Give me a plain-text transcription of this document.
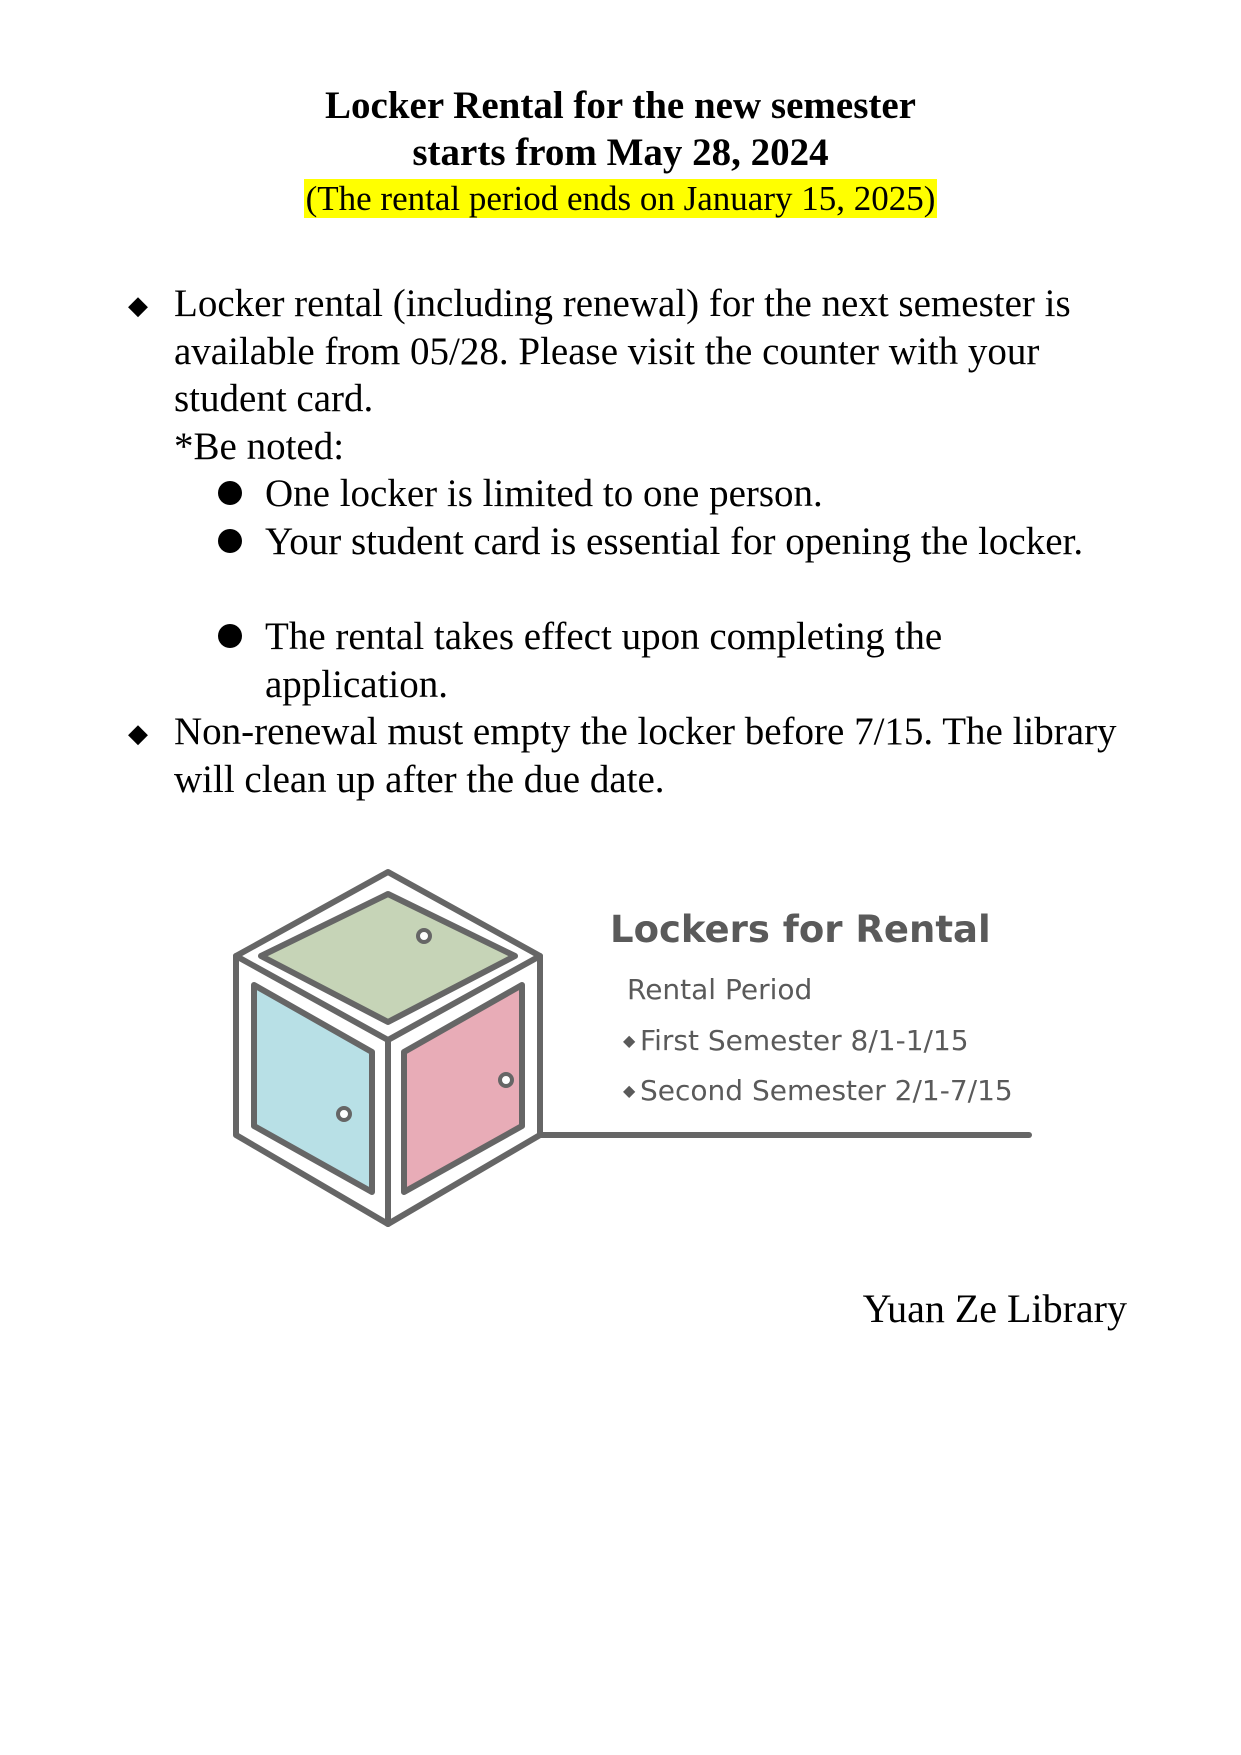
Locker Rental for the new semester
starts from May 28, 2024
(The rental period ends on January 15, 2025)
◆ Locker rental (including renewal) for the next semester is available from 05/28. Please visit the counter with your student card.
*Be noted:
One locker is limited to one person.
Your student card is essential for opening the locker.
The rental takes effect upon completing the application.
◆ Non-renewal must empty the locker before 7/15. The library will clean up after the due date.
Lockers for Rental
Rental Period
◆ First Semester 8/1-1/15
◆ Second Semester 2/1-7/15
Yuan Ze Library
